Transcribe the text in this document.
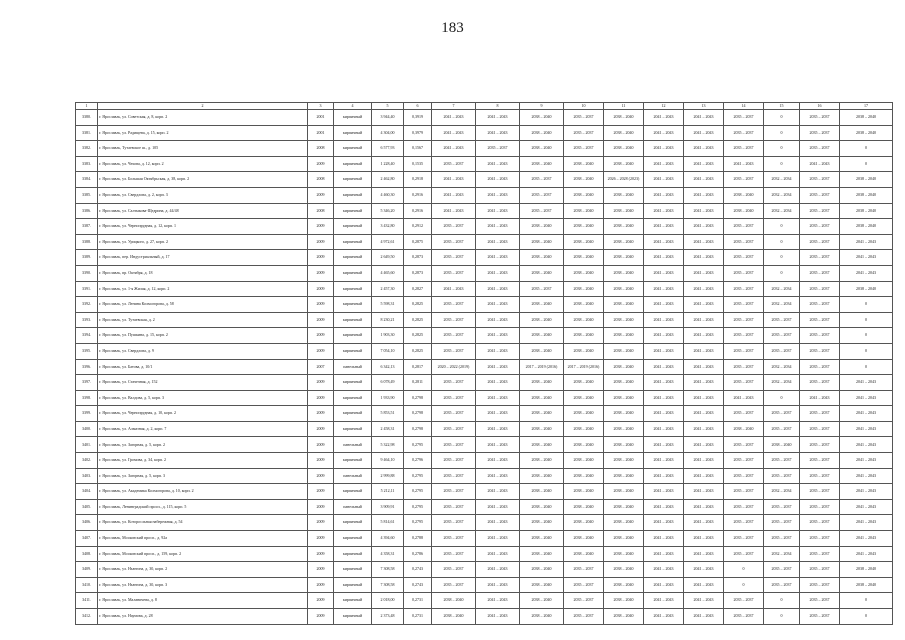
183
1	2	3	4	5	6	7	8	9	10	11	12	13	14	15	16	17
3380.	г. Ярославль, ул. Советская, д. 8, корп. 2	2001	кирпичный	3 944,40	0,3919	2041 – 2043	2041 – 2043	2038 – 2040	2035 – 2037	2038 – 2040	2041 – 2043	2041 – 2043	2035 – 2037	0	2035 – 2037	2038 – 2040
3381.	г. Ярославль, ул. Радищева, д. 15, корп. 2	2001	кирпичный	4 304,00	0,3979	2041 – 2043	2041 – 2043	2038 – 2040	2035 – 2037	2038 – 2040	2041 – 2043	2041 – 2043	2035 – 2037	0	2035 – 2037	2038 – 2040
3382.	г. Ярославль, Тутаевское ш., д. 105	2008	кирпичный	6 577,93	0,1567	2041 – 2043	2035 – 2037	2038 – 2040	2035 – 2037	2038 – 2040	2041 – 2043	2041 – 2043	2035 – 2037	0	2035 – 2037	0
3383.	г. Ярославль, ул. Чехова, д. 12, корп. 2	2009	кирпичный	1 228,40	0,1535	2035 – 2037	2041 – 2043	2038 – 2040	2038 – 2040	2038 – 2040	2041 – 2043	2041 – 2043	2041 – 2043	0	2041 – 2043	0
3384.	г. Ярославль, ул. Большая Октябрьская, д. 38, корп. 2	2008	кирпичный	2 462,80	0,2918	2041 – 2043	2041 – 2043	2035 – 2037	2038 – 2040	2026 – 2028 (2023)	2041 – 2043	2041 – 2043	2035 – 2037	2032 – 2034	2035 – 2037	2038 – 2040
3385.	г. Ярославль, ул. Свердлова, д. 2, корп. 3	2009	кирпичный	4 460,30	0,2916	2041 – 2043	2041 – 2043	2035 – 2037	2038 – 2040	2038 – 2040	2041 – 2043	2041 – 2043	2038 – 2040	2032 – 2034	2035 – 2037	2038 – 2040
3386.	г. Ярославль, ул. Салтыкова-Щедрина, д. 44/48	2008	кирпичный	5 346,20	0,2916	2041 – 2043	2041 – 2043	2035 – 2037	2038 – 2040	2038 – 2040	2041 – 2043	2041 – 2043	2038 – 2040	2032 – 2034	2035 – 2037	2038 – 2040
3387.	г. Ярославль, ул. Чернопрудная, д. 12, корп. 1	2009	кирпичный	3 432,80	0,2912	2035 – 2037	2041 – 2043	2038 – 2040	2038 – 2040	2038 – 2040	2041 – 2043	2041 – 2043	2035 – 2037	0	2035 – 2037	2038 – 2040
3388.	г. Ярославль, ул. Урицкого, д. 27, корп. 2	2009	кирпичный	4 972,61	0,2875	2035 – 2037	2041 – 2043	2038 – 2040	2038 – 2040	2038 – 2040	2041 – 2043	2041 – 2043	2035 – 2037	0	2035 – 2037	2041 – 2043
3389.	г. Ярославль, пер. Индустриальный, д. 17	2009	кирпичный	2 649,50	0,2873	2035 – 2037	2041 – 2043	2038 – 2040	2038 – 2040	2038 – 2040	2041 – 2043	2041 – 2043	2035 – 2037	0	2035 – 2037	2041 – 2043
3390.	г. Ярославль, пр. Октября, д. 18	2009	кирпичный	4 465,60	0,2873	2035 – 2037	2041 – 2043	2038 – 2040	2038 – 2040	2038 – 2040	2041 – 2043	2041 – 2043	2035 – 2037	0	2035 – 2037	2041 – 2043
3391.	г. Ярославль, ул. 1-я Жилая, д. 12, корп. 2	2009	кирпичный	2 457,30	0,2827	2041 – 2043	2041 – 2043	2035 – 2037	2038 – 2040	2038 – 2040	2041 – 2043	2041 – 2043	2035 – 2037	2032 – 2034	2035 – 2037	2038 – 2040
3392.	г. Ярославль, ул. Ленина Колмогорова, д. 58	2009	кирпичный	5 598,31	0,2825	2035 – 2037	2041 – 2043	2038 – 2040	2038 – 2040	2038 – 2040	2041 – 2043	2041 – 2043	2035 – 2037	2032 – 2034	2035 – 2037	0
3393.	г. Ярославль, ул. Тутаевская, д. 2	2009	кирпичный	8 230,21	0,2825	2035 – 2037	2041 – 2043	2038 – 2040	2038 – 2040	2038 – 2040	2041 – 2043	2041 – 2043	2035 – 2037	2035 – 2037	2035 – 2037	0
3394.	г. Ярославль, ул. Пушкина, д. 15, корп. 2	2009	кирпичный	1 903,30	0,2825	2035 – 2037	2041 – 2043	2038 – 2040	2038 – 2040	2038 – 2040	2041 – 2043	2041 – 2043	2035 – 2037	2035 – 2037	2035 – 2037	0
3395.	г. Ярославль, ул. Свердлова, д. 9	2009	кирпичный	7 054,10	0,2825	2035 – 2037	2041 – 2043	2038 – 2040	2038 – 2040	2038 – 2040	2041 – 2043	2041 – 2043	2035 – 2037	2035 – 2037	2035 – 2037	0
3396.	г. Ярославль, ул. Батова, д. 10/1	2007	панельный	6 342,13	0,2817	2020 – 2022 (2019)	2041 – 2043	2017 – 2019 (2016)	2017 – 2019 (2016)	2038 – 2040	2041 – 2043	2041 – 2043	2035 – 2037	2032 – 2034	2035 – 2037	0
3397.	г. Ярославль, ул. Стачечная, д. 152	2009	кирпичный	6 078,49	0,2811	2035 – 2037	2041 – 2043	2038 – 2040	2038 – 2040	2038 – 2040	2041 – 2043	2041 – 2043	2035 – 2037	2032 – 2034	2035 – 2037	2041 – 2043
3398.	г. Ярославль, ул. Валдова, д. 5, корп. 3	2009	кирпичный	1 933,90	0,2798	2035 – 2037	2041 – 2043	2038 – 2040	2038 – 2040	2038 – 2040	2041 – 2043	2041 – 2043	2041 – 2043	0	2041 – 2043	2041 – 2043
3399.	г. Ярославль, ул. Чернопрудная, д. 10, корп. 2	2009	кирпичный	5 853,51	0,2798	2035 – 2037	2041 – 2043	2038 – 2040	2038 – 2040	2038 – 2040	2041 – 2043	2041 – 2043	2035 – 2037	2035 – 2037	2035 – 2037	2041 – 2043
3400.	г. Ярославль, ул. Алмазная, д. 2, корп. 7	2009	кирпичный	2 458,31	0,2798	2035 – 2037	2041 – 2043	2038 – 2040	2038 – 2040	2038 – 2040	2041 – 2043	2041 – 2043	2038 – 2040	2035 – 2037	2035 – 2037	2041 – 2043
3401.	г. Ярославль, ул. Загорная, д. 5, корп. 2	2009	панельный	5 322,98	0,2795	2035 – 2037	2041 – 2043	2038 – 2040	2038 – 2040	2038 – 2040	2041 – 2043	2041 – 2043	2035 – 2037	2038 – 2040	2035 – 2037	2041 – 2043
3402.	г. Ярославль, ул. Громова, д. 34, корп. 2	2009	кирпичный	9 464,10	0,2796	2035 – 2037	2041 – 2043	2038 – 2040	2038 – 2040	2038 – 2040	2041 – 2043	2041 – 2043	2035 – 2037	2035 – 2037	2035 – 2037	2041 – 2043
3403.	г. Ярославль, ул. Загорная, д. 5, корп. 3	2009	панельный	2 999,88	0,2795	2035 – 2037	2041 – 2043	2038 – 2040	2038 – 2040	2038 – 2040	2041 – 2043	2041 – 2043	2035 – 2037	2035 – 2037	2035 – 2037	2041 – 2043
3404.	г. Ярославль, ул. Академика Колмогорова, д. 10, корп. 2	2009	кирпичный	5 212,11	0,2795	2035 – 2037	2041 – 2043	2038 – 2040	2038 – 2040	2038 – 2040	2041 – 2043	2041 – 2043	2035 – 2037	2032 – 2034	2035 – 2037	2041 – 2043
3405.	г. Ярославль, Ленинградский просп., д. 115, корп. 5	2009	панельный	3 909,91	0,2795	2035 – 2037	2041 – 2043	2038 – 2040	2038 – 2040	2038 – 2040	2041 – 2043	2041 – 2043	2035 – 2037	2035 – 2037	2035 – 2037	2041 – 2043
3406.	г. Ярославль, ул. Которосльная набережная, д. 54	2009	кирпичный	5 814,61	0,2795	2035 – 2037	2041 – 2043	2038 – 2040	2038 – 2040	2038 – 2040	2041 – 2043	2041 – 2043	2035 – 2037	2035 – 2037	2035 – 2037	2041 – 2043
3407.	г. Ярославль, Московский просп., д. 92а	2009	кирпичный	4 394,60	0,2788	2035 – 2037	2041 – 2043	2038 – 2040	2038 – 2040	2038 – 2040	2041 – 2043	2041 – 2043	2035 – 2037	2035 – 2037	2035 – 2037	2041 – 2043
3408.	г. Ярославль, Московский просп., д. 159, корп. 2	2009	кирпичный	4 358,31	0,2786	2035 – 2037	2041 – 2043	2038 – 2040	2038 – 2040	2038 – 2040	2041 – 2043	2041 – 2043	2035 – 2037	2032 – 2034	2035 – 2037	2041 – 2043
3409.	г. Ярославль, ул. Ньютона, д. 30, корп. 2	2009	кирпичный	7 308,58	0,2743	2035 – 2037	2041 – 2043	2038 – 2040	2035 – 2037	2038 – 2040	2041 – 2043	2041 – 2043	0	2035 – 2037	2035 – 2037	2038 – 2040
3410.	г. Ярославль, ул. Ньютона, д. 30, корп. 3	2009	кирпичный	7 308,58	0,2743	2035 – 2037	2041 – 2043	2038 – 2040	2035 – 2037	2038 – 2040	2041 – 2043	2041 – 2043	0	2035 – 2037	2035 – 2037	2038 – 2040
3411.	г. Ярославль, ул. Маланичева, д. 8	2009	кирпичный	2 018,00	0,2731	2038 – 2040	2041 – 2043	2038 – 2040	2035 – 2037	2038 – 2040	2041 – 2043	2041 – 2043	2035 – 2037	0	2035 – 2037	0
3412.	г. Ярославль, ул. Наумова, д. 28	2009	кирпичный	2 373,48	0,2731	2038 – 2040	2041 – 2043	2038 – 2040	2035 – 2037	2038 – 2040	2041 – 2043	2041 – 2043	2035 – 2037	0	2035 – 2037	0
